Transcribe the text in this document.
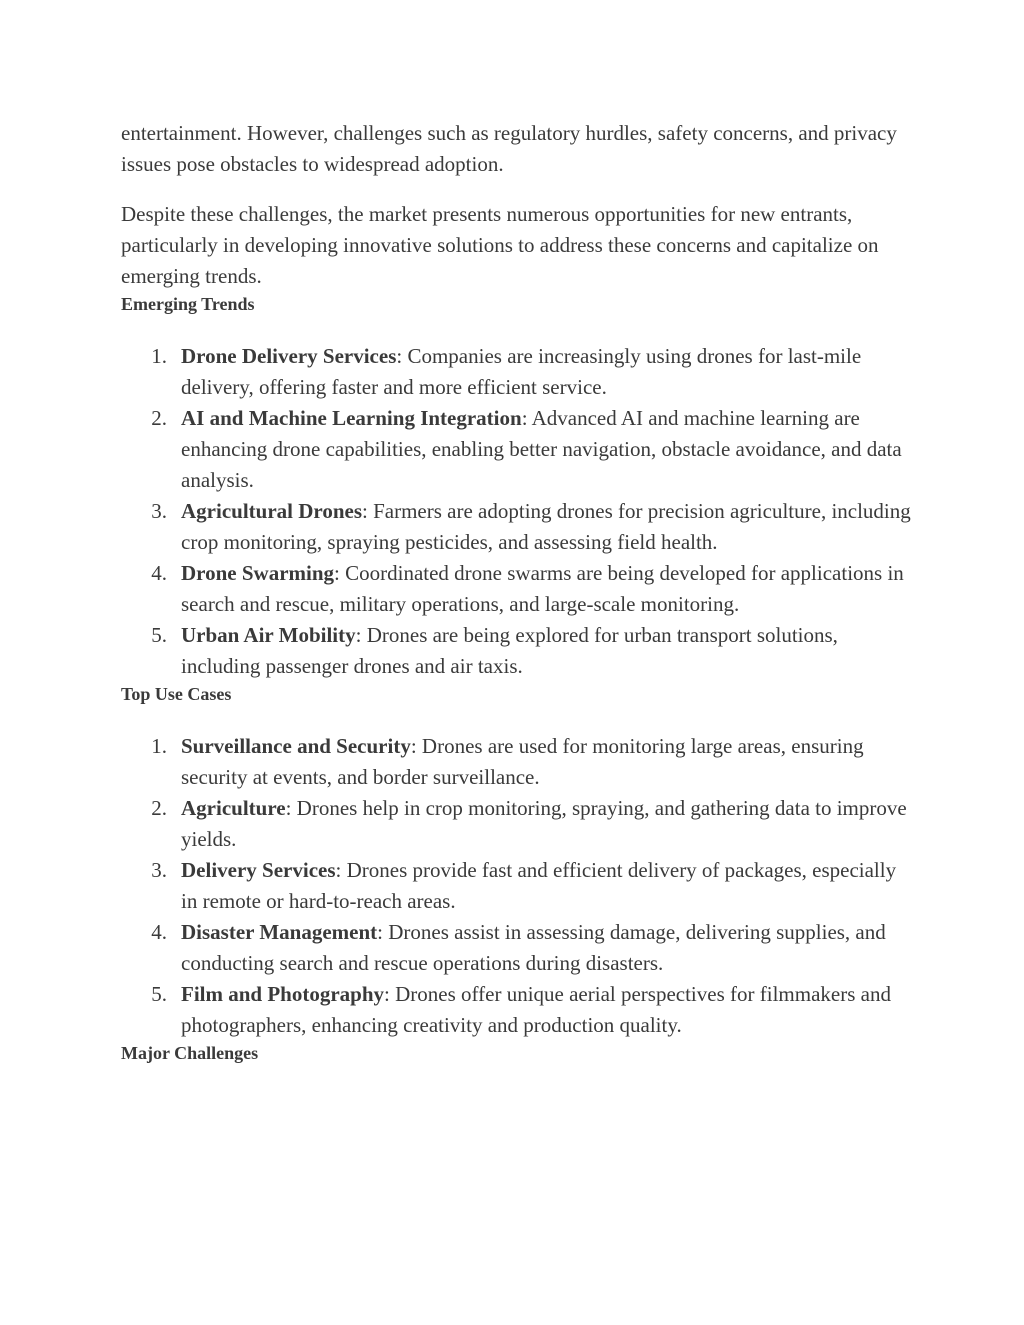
entertainment. However, challenges such as regulatory hurdles, safety concerns, and privacy issues pose obstacles to widespread adoption.

Despite these challenges, the market presents numerous opportunities for new entrants, particularly in developing innovative solutions to address these concerns and capitalize on emerging trends.

Emerging Trends
1. Drone Delivery Services: Companies are increasingly using drones for last-mile delivery, offering faster and more efficient service.
2. AI and Machine Learning Integration: Advanced AI and machine learning are enhancing drone capabilities, enabling better navigation, obstacle avoidance, and data analysis.
3. Agricultural Drones: Farmers are adopting drones for precision agriculture, including crop monitoring, spraying pesticides, and assessing field health.
4. Drone Swarming: Coordinated drone swarms are being developed for applications in search and rescue, military operations, and large-scale monitoring.
5. Urban Air Mobility: Drones are being explored for urban transport solutions, including passenger drones and air taxis.
Top Use Cases
1. Surveillance and Security: Drones are used for monitoring large areas, ensuring security at events, and border surveillance.
2. Agriculture: Drones help in crop monitoring, spraying, and gathering data to improve yields.
3. Delivery Services: Drones provide fast and efficient delivery of packages, especially in remote or hard-to-reach areas.
4. Disaster Management: Drones assist in assessing damage, delivering supplies, and conducting search and rescue operations during disasters.
5. Film and Photography: Drones offer unique aerial perspectives for filmmakers and photographers, enhancing creativity and production quality.
Major Challenges
